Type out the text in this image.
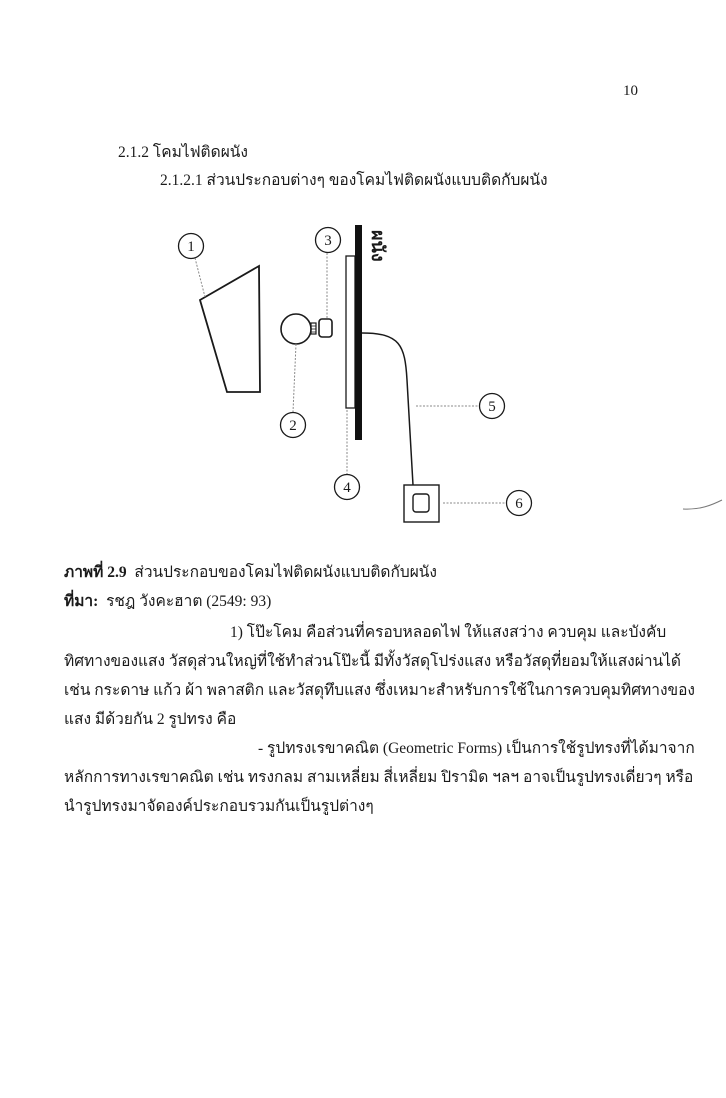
10
2.1.2 โคมไฟติดผนัง
2.1.2.1 ส่วนประกอบต่างๆ ของโคมไฟติดผนังแบบติดกับผนัง
ผนัง
1
2
3
4
5
6
ภาพที่ 2.9 ส่วนประกอบของโคมไฟติดผนังแบบติดกับผนัง
ที่มา: รชฎ วังคะฮาต (2549: 93)
1) โป๊ะโคม คือส่วนที่ครอบหลอดไฟ ให้แสงสว่าง ควบคุม และบังคับ
ทิศทางของแสง วัสดุส่วนใหญ่ที่ใช้ทำส่วนโป๊ะนี้ มีทั้งวัสดุโปร่งแสง หรือวัสดุที่ยอมให้แสงผ่านได้
เช่น กระดาษ แก้ว ผ้า พลาสติก และวัสดุทึบแสง ซึ่งเหมาะสำหรับการใช้ในการควบคุมทิศทางของ
แสง มีด้วยกัน 2 รูปทรง คือ
- รูปทรงเรขาคณิต (Geometric Forms) เป็นการใช้รูปทรงที่ได้มาจาก
หลักการทางเรขาคณิต เช่น ทรงกลม สามเหลี่ยม สี่เหลี่ยม ปิรามิด ฯลฯ อาจเป็นรูปทรงเดี่ยวๆ หรือ
นำรูปทรงมาจัดองค์ประกอบรวมกันเป็นรูปต่างๆ
